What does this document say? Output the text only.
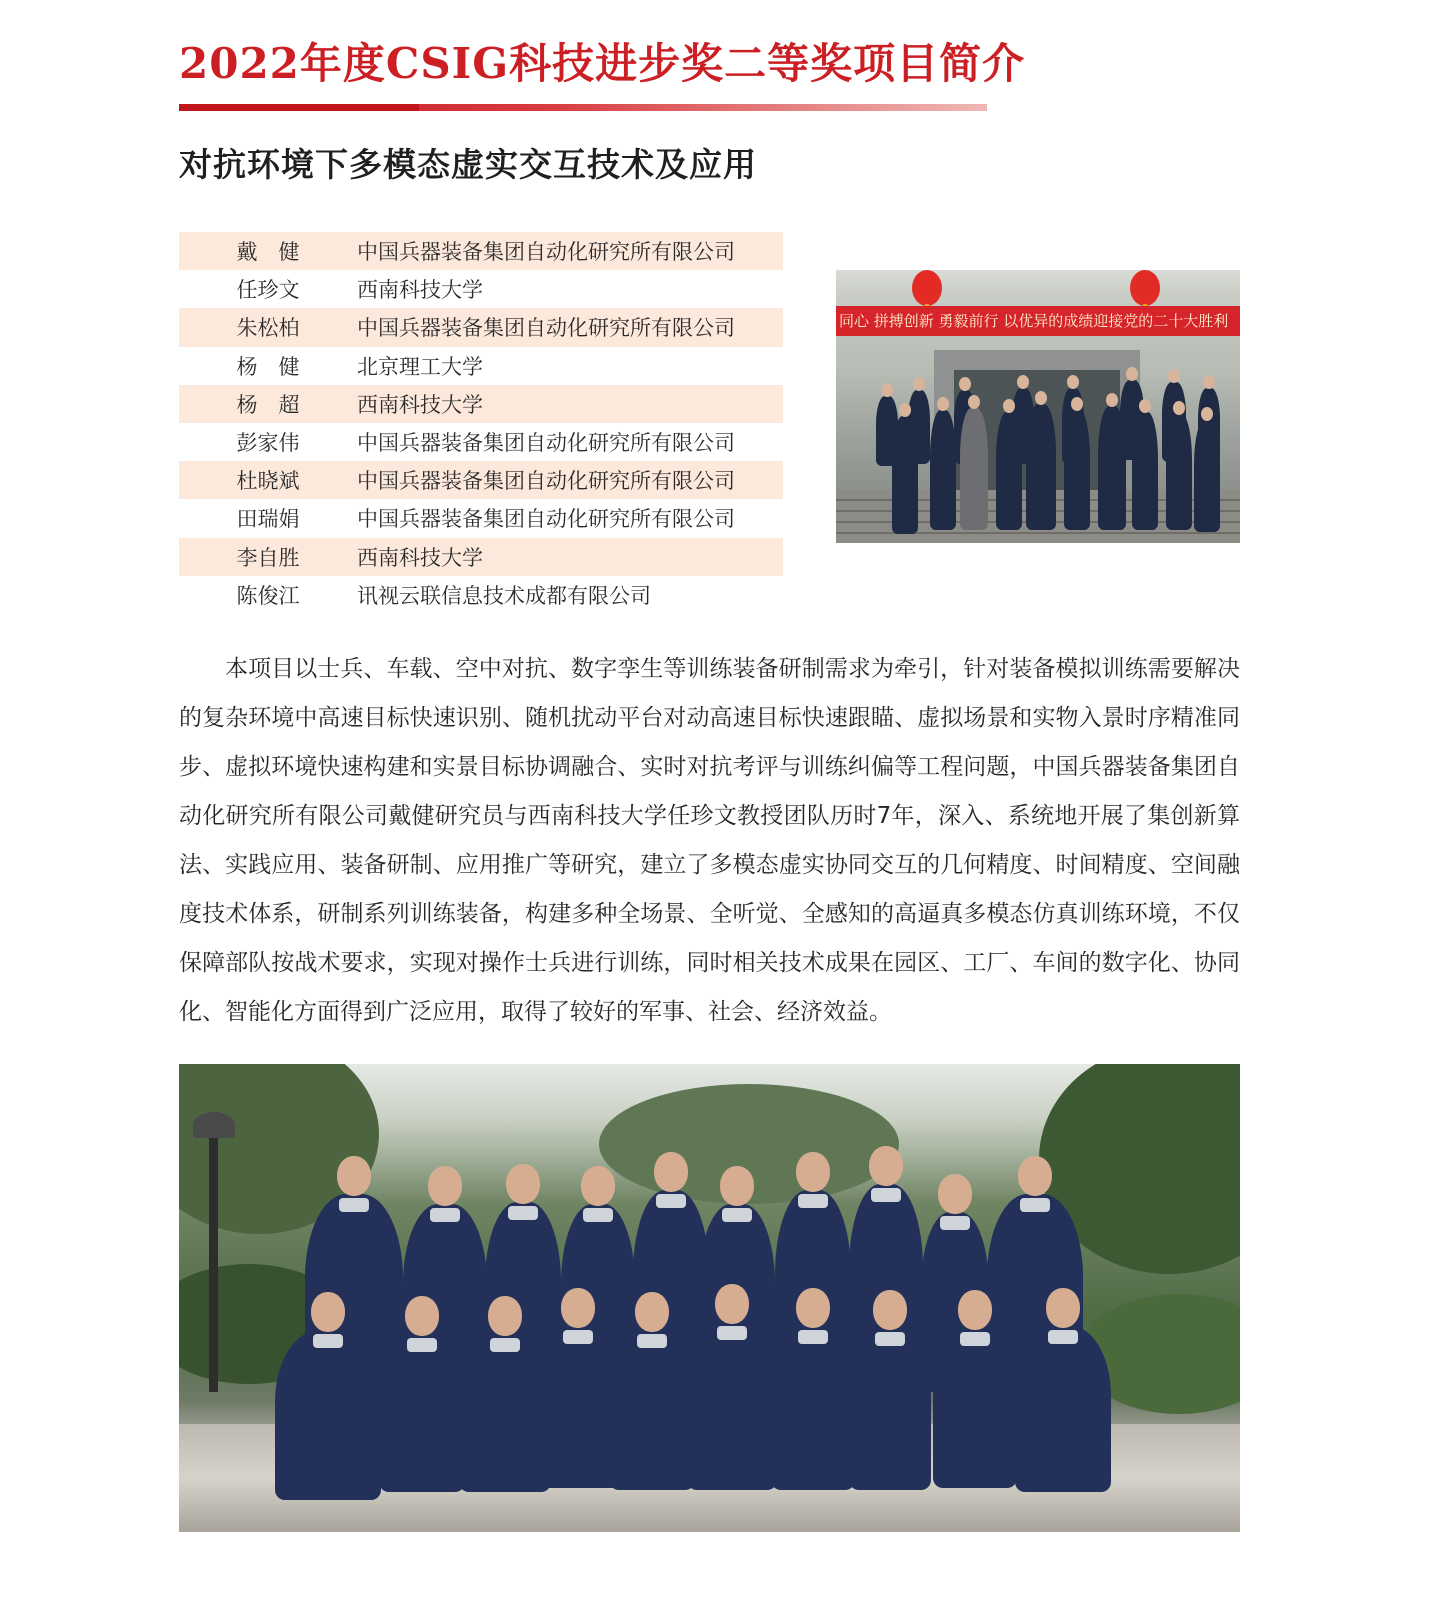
2022年度CSIG科技进步奖二等奖项目简介
对抗环境下多模态虚实交互技术及应用
戴　健	中国兵器装备集团自动化研究所有限公司
任珍文	西南科技大学
朱松柏	中国兵器装备集团自动化研究所有限公司
杨　健	北京理工大学
杨　超	西南科技大学
彭家伟	中国兵器装备集团自动化研究所有限公司
杜晓斌	中国兵器装备集团自动化研究所有限公司
田瑞娟	中国兵器装备集团自动化研究所有限公司
李自胜	西南科技大学
陈俊江	讯视云联信息技术成都有限公司
同心 拼搏创新 勇毅前行 以优异的成绩迎接党的二十大胜利

本项目以士兵、车载、空中对抗、数字孪生等训练装备研制需求为牵引，针对装备模拟训练需要解决的复杂环境中高速目标快速识别、随机扰动平台对动高速目标快速跟瞄、虚拟场景和实物入景时序精准同步、虚拟环境快速构建和实景目标协调融合、实时对抗考评与训练纠偏等工程问题，中国兵器装备集团自动化研究所有限公司戴健研究员与西南科技大学任珍文教授团队历时7年，深入、系统地开展了集创新算法、实践应用、装备研制、应用推广等研究，建立了多模态虚实协同交互的几何精度、时间精度、空间融度技术体系，研制系列训练装备，构建多种全场景、全听觉、全感知的高逼真多模态仿真训练环境，不仅保障部队按战术要求，实现对操作士兵进行训练，同时相关技术成果在园区、工厂、车间的数字化、协同化、智能化方面得到广泛应用，取得了较好的军事、社会、经济效益。
